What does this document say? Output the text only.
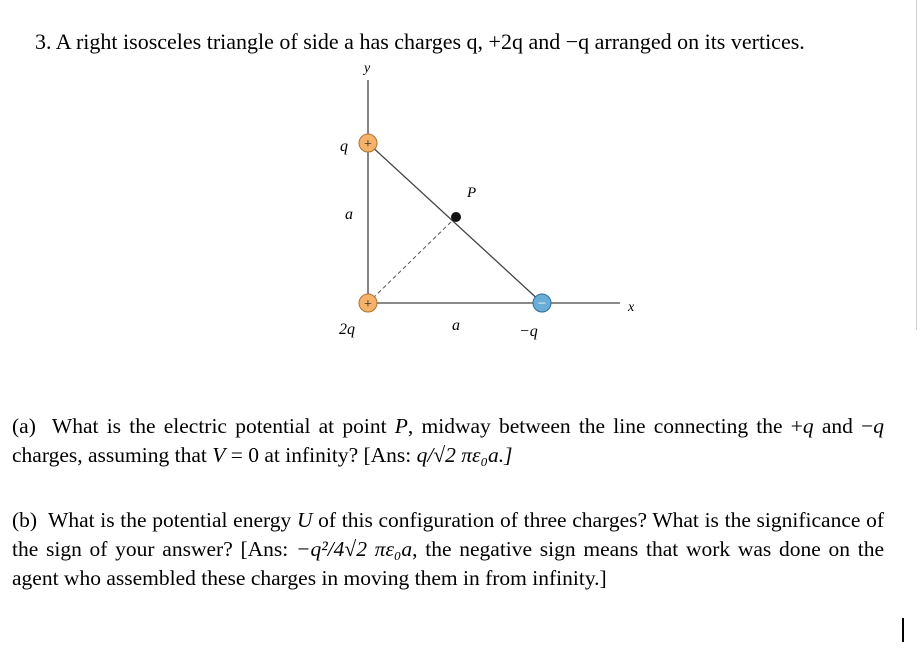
3. A right isosceles triangle of side a has charges q, +2q and −q arranged on its vertices.
y
x
+
q
+
2q
−
−q
a
a
P
(a) What is the electric potential at point P, midway between the line connecting the +q and −q charges, assuming that V = 0 at infinity? [Ans: q/√2 πε₀a.]
(b) What is the potential energy U of this configuration of three charges? What is the significance of the sign of your answer? [Ans: −q²/4√2 πε₀a, the negative sign means that work was done on the agent who assembled these charges in moving them in from infinity.]
